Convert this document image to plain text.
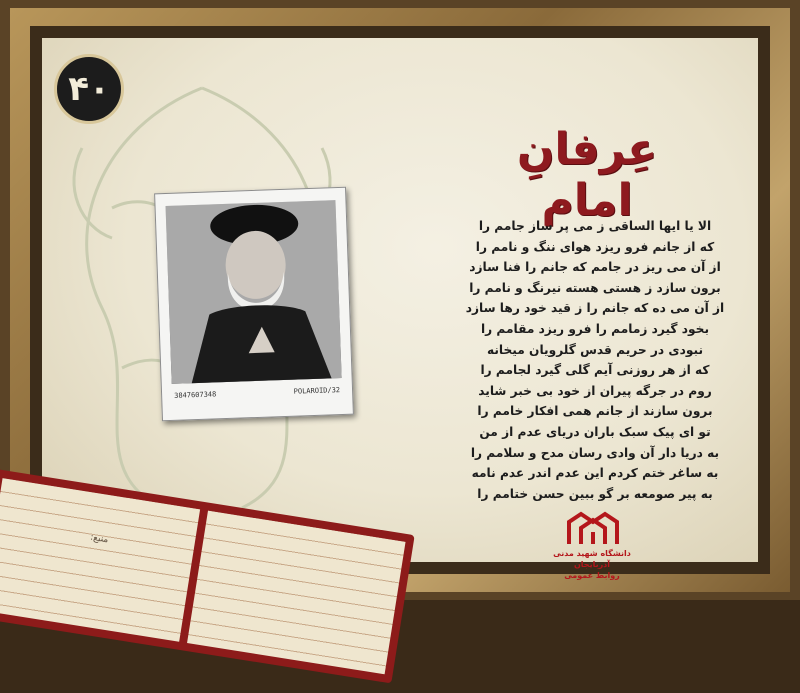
۴۰
عِرفانِ امام
3847607348	POLAROID/32
الا یا ایها الساقی ز می پر ساز جامم را
که از جانم فرو ریزد هوای ننگ و نامم را
از آن می ریز در جامم که جانم را فنا سازد
برون سازد ز هستی هسته نیرنگ و نامم را
از آن می ده که جانم را ز قید خود رها سازد
بخود گیرد زمامم را فرو ریزد مقامم را
نبودی در حریم قدس گلرویان میخانه
که از هر روزنی آیم گلی گیرد لجامم را
روم در جرگه پیران از خود بی خبر شاید
برون سازند از جانم همی افکار خامم را
تو ای پیک سبک باران دریای عدم از من
به دریا دار آن وادی رسان مدح و سلامم را
به ساغر ختم کردم این عدم اندر عدم نامه
به پیر صومعه بر گو ببین حسن ختامم را
دانشگاه شهید مدنی آذربایجان
روابط عمومی
منبع:
